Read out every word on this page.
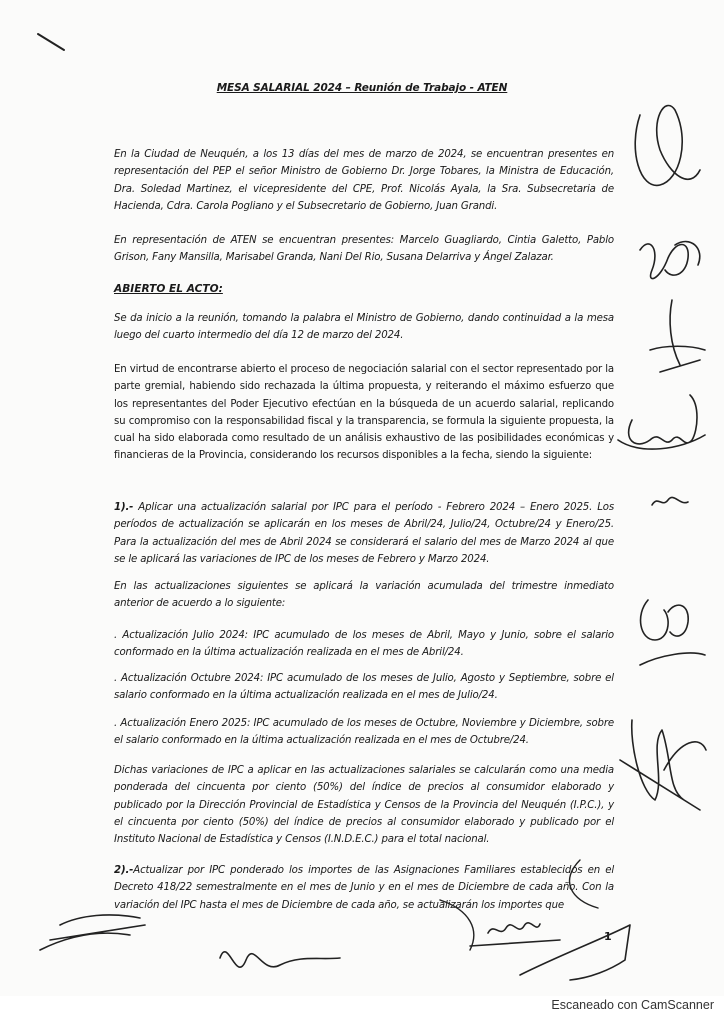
MESA SALARIAL 2024 – Reunión de Trabajo - ATEN
En la Ciudad de Neuquén, a los 13 días del mes de marzo de 2024, se encuentran presentes en representación del PEP el señor Ministro de Gobierno Dr. Jorge Tobares, la Ministra de Educación, Dra. Soledad Martinez, el vicepresidente del CPE, Prof. Nicolás Ayala, la Sra. Subsecretaria de Hacienda, Cdra. Carola Pogliano y el Subsecretario de Gobierno, Juan Grandi.
En representación de ATEN se encuentran presentes: Marcelo Guagliardo, Cintia Galetto, Pablo Grison, Fany Mansilla, Marisabel Granda, Nani Del Rio, Susana Delarriva y Ángel Zalazar.
ABIERTO EL ACTO:
Se da inicio a la reunión, tomando la palabra el Ministro de Gobierno, dando continuidad a la mesa luego del cuarto intermedio del día 12 de marzo del 2024.
En virtud de encontrarse abierto el proceso de negociación salarial con el sector representado por la parte gremial, habiendo sido rechazada la última propuesta, y reiterando el máximo esfuerzo que los representantes del Poder Ejecutivo efectúan en la búsqueda de un acuerdo salarial, replicando su compromiso con la responsabilidad fiscal y la transparencia, se formula la siguiente propuesta, la cual ha sido elaborada como resultado de un análisis exhaustivo de las posibilidades económicas y financieras de la Provincia, considerando los recursos disponibles a la fecha, siendo la siguiente:
1).- Aplicar una actualización salarial por IPC para el período - Febrero 2024 – Enero 2025. Los períodos de actualización se aplicarán en los meses de Abril/24, Julio/24, Octubre/24 y Enero/25. Para la actualización del mes de Abril 2024 se considerará el salario del mes de Marzo 2024 al que se le aplicará las variaciones de IPC de los meses de Febrero y Marzo 2024.
En las actualizaciones siguientes se aplicará la variación acumulada del trimestre inmediato anterior de acuerdo a lo siguiente:
. Actualización Julio 2024: IPC acumulado de los meses de Abril, Mayo y Junio, sobre el salario conformado en la última actualización realizada en el mes de Abril/24.
. Actualización Octubre 2024: IPC acumulado de los meses de Julio, Agosto y Septiembre, sobre el salario conformado en la última actualización realizada en el mes de Julio/24.
. Actualización Enero 2025: IPC acumulado de los meses de Octubre, Noviembre y Diciembre, sobre el salario conformado en la última actualización realizada en el mes de Octubre/24.
Dichas variaciones de IPC a aplicar en las actualizaciones salariales se calcularán como una media ponderada del cincuenta por ciento (50%) del índice de precios al consumidor elaborado y publicado por la Dirección Provincial de Estadística y Censos de la Provincia del Neuquén (I.P.C.), y el cincuenta por ciento (50%) del índice de precios al consumidor elaborado y publicado por el Instituto Nacional de Estadística y Censos (I.N.D.E.C.) para el total nacional.
2).-Actualizar por IPC ponderado los importes de las Asignaciones Familiares establecidos en el Decreto 418/22 semestralmente en el mes de Junio y en el mes de Diciembre de cada año. Con la variación del IPC hasta el mes de Diciembre de cada año, se actualizarán los importes que
1
Escaneado con CamScanner
